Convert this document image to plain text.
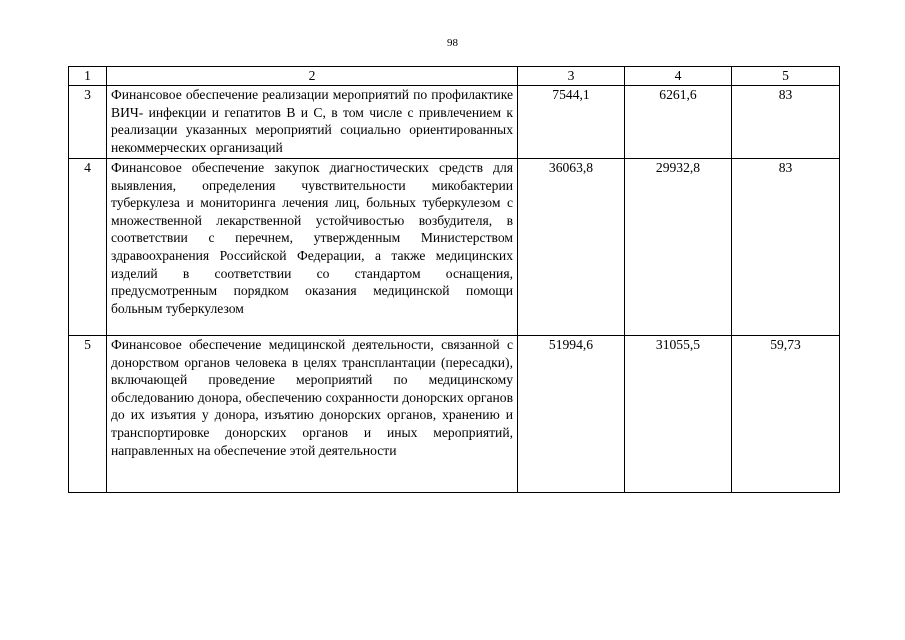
98
1	2	3	4	5
3	Финансовое обеспечение реализации мероприятий по профилактике ВИЧ- инфекции и гепатитов В и С, в том числе с привлечением к реализации указанных мероприятий социально ориентированных некоммерческих организаций	7544,1	6261,6	83
4	Финансовое обеспечение закупок диагностических средств для выявления, определения чувствительности микобактерии туберкулеза и мониторинга лечения лиц, больных туберкулезом с множественной лекарственной устойчивостью возбудителя, в соответствии с перечнем, утвержденным Министерством здравоохранения Российской Федерации, а также медицинских изделий в соответствии со стандартом оснащения, предусмотренным порядком оказания медицинской помощи больным туберкулезом	36063,8	29932,8	83
5	Финансовое обеспечение медицинской деятельности, связанной с донорством органов человека в целях трансплантации (пересадки), включающей проведение мероприятий по медицинскому обследованию донора, обеспечению сохранности донорских органов до их изъятия у донора, изъятию донорских органов, хранению и транспортировке донорских органов и иных мероприятий, направленных на обеспечение этой деятельности	51994,6	31055,5	59,73
